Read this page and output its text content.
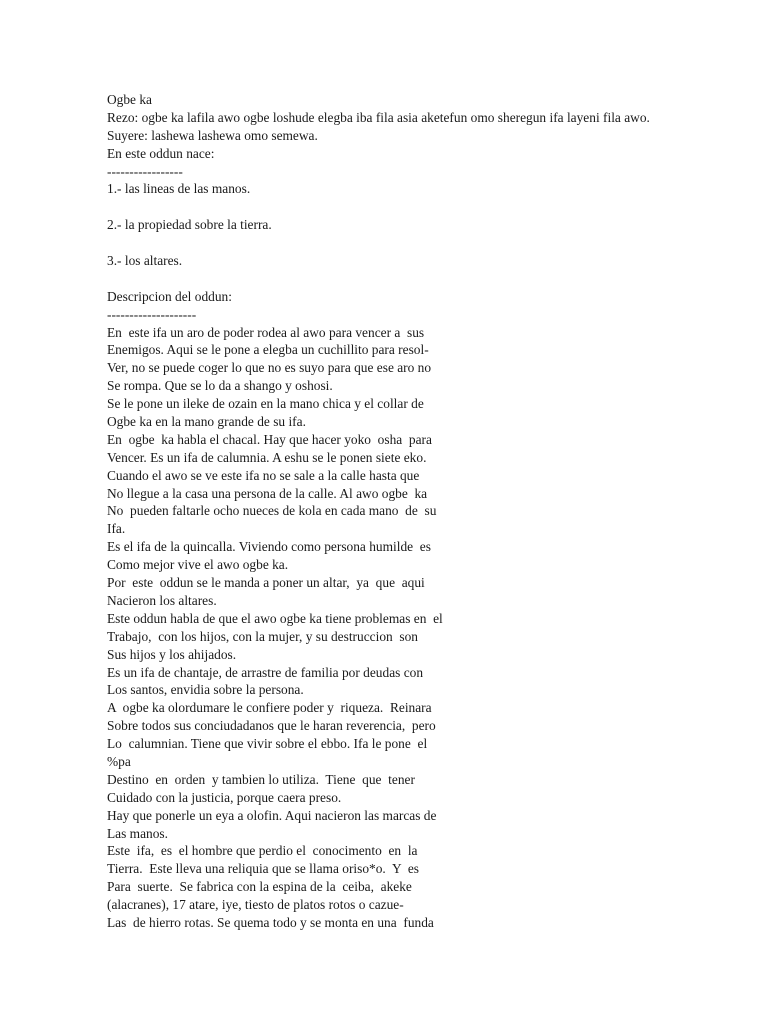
Ogbe ka
Rezo: ogbe ka lafila awo ogbe loshude elegba iba fila asia aketefun omo sheregun ifa layeni fila awo.
Suyere: lashewa lashewa omo semewa.
En este oddun nace:
-----------------
1.- las lineas de las manos.
2.- la propiedad sobre la tierra.
3.- los altares.
Descripcion del oddun:
--------------------
En  este ifa un aro de poder rodea al awo para vencer a  sus
Enemigos. Aqui se le pone a elegba un cuchillito para resol-
Ver, no se puede coger lo que no es suyo para que ese aro no
Se rompa. Que se lo da a shango y oshosi.
Se le pone un ileke de ozain en la mano chica y el collar de
Ogbe ka en la mano grande de su ifa.
En  ogbe  ka habla el chacal. Hay que hacer yoko  osha  para
Vencer. Es un ifa de calumnia. A eshu se le ponen siete eko.
Cuando el awo se ve este ifa no se sale a la calle hasta que
No llegue a la casa una persona de la calle. Al awo ogbe  ka
No  pueden faltarle ocho nueces de kola en cada mano  de  su
Ifa.
Es el ifa de la quincalla. Viviendo como persona humilde  es
Como mejor vive el awo ogbe ka.
Por  este  oddun se le manda a poner un altar,  ya  que  aqui
Nacieron los altares.
Este oddun habla de que el awo ogbe ka tiene problemas en  el
Trabajo,  con los hijos, con la mujer, y su destruccion  son
Sus hijos y los ahijados.
Es un ifa de chantaje, de arrastre de familia por deudas con
Los santos, envidia sobre la persona.
A  ogbe ka olordumare le confiere poder y  riqueza.  Reinara
Sobre todos sus conciudadanos que le haran reverencia,  pero
Lo  calumnian. Tiene que vivir sobre el ebbo. Ifa le pone  el
%pa
Destino  en  orden  y tambien lo utiliza.  Tiene  que  tener
Cuidado con la justicia, porque caera preso.
Hay que ponerle un eya a olofin. Aqui nacieron las marcas de
Las manos.
Este  ifa,  es  el hombre que perdio el  conocimento  en  la
Tierra.  Este lleva una reliquia que se llama oriso*o.  Y  es
Para  suerte.  Se fabrica con la espina de la  ceiba,  akeke
(alacranes), 17 atare, iye, tiesto de platos rotos o cazue-
Las  de hierro rotas. Se quema todo y se monta en una  funda
